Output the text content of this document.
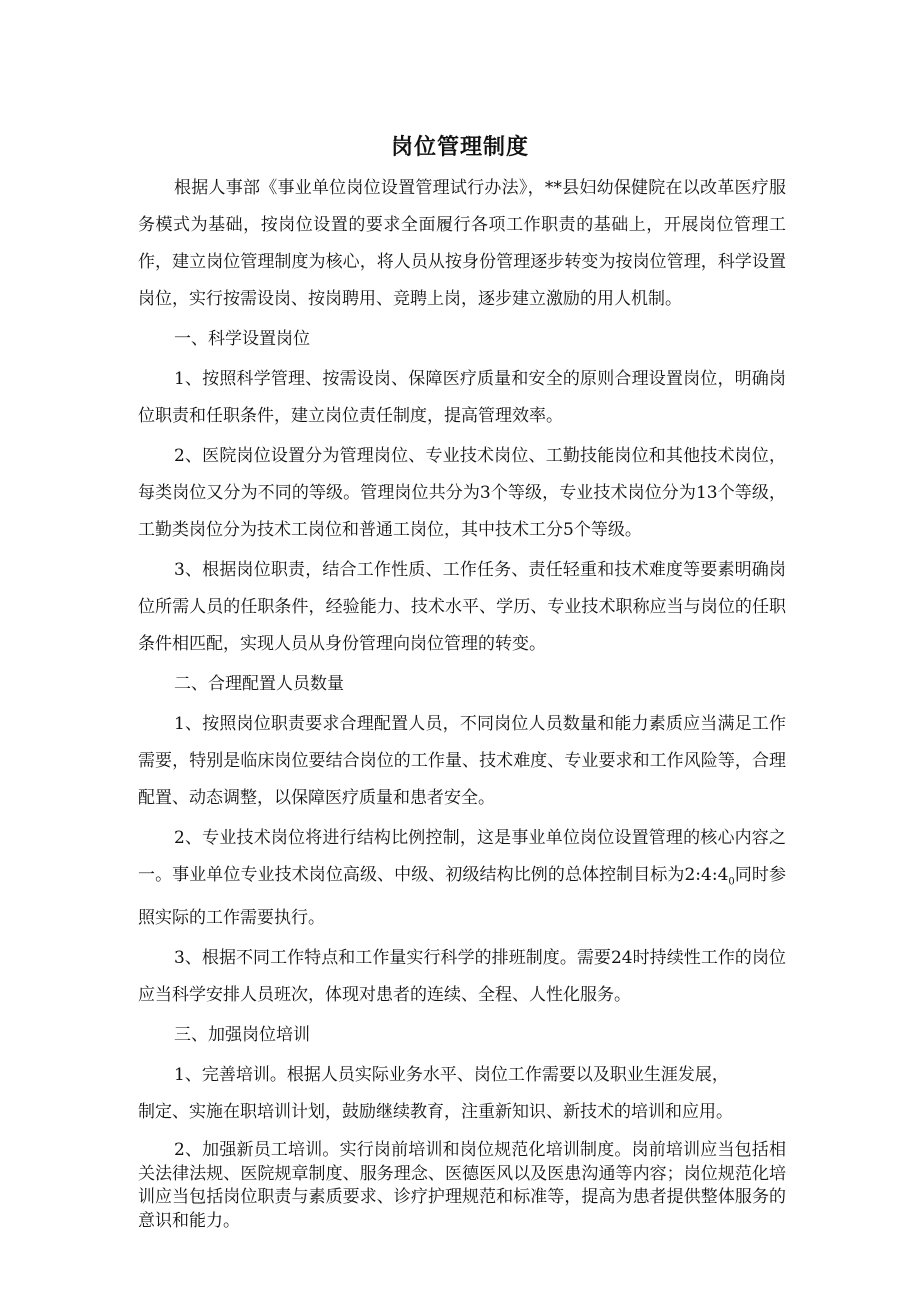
岗位管理制度

根据人事部《事业单位岗位设置管理试行办法》，**县妇幼保健院在以改革医疗服务模式为基础，按岗位设置的要求全面履行各项工作职责的基础上，开展岗位管理工作，建立岗位管理制度为核心，将人员从按身份管理逐步转变为按岗位管理，科学设置岗位，实行按需设岗、按岗聘用、竞聘上岗，逐步建立激励的用人机制。

一、科学设置岗位

1、按照科学管理、按需设岗、保障医疗质量和安全的原则合理设置岗位，明确岗位职责和任职条件，建立岗位责任制度，提高管理效率。

2、医院岗位设置分为管理岗位、专业技术岗位、工勤技能岗位和其他技术岗位，每类岗位又分为不同的等级。管理岗位共分为3个等级，专业技术岗位分为13个等级，工勤类岗位分为技术工岗位和普通工岗位，其中技术工分5个等级。

3、根据岗位职责，结合工作性质、工作任务、责任轻重和技术难度等要素明确岗位所需人员的任职条件，经验能力、技术水平、学历、专业技术职称应当与岗位的任职条件相匹配，实现人员从身份管理向岗位管理的转变。

二、合理配置人员数量

1、按照岗位职责要求合理配置人员，不同岗位人员数量和能力素质应当满足工作需要，特别是临床岗位要结合岗位的工作量、技术难度、专业要求和工作风险等，合理配置、动态调整，以保障医疗质量和患者安全。

2、专业技术岗位将进行结构比例控制，这是事业单位岗位设置管理的核心内容之一。事业单位专业技术岗位高级、中级、初级结构比例的总体控制目标为$2:4:4_0$同时参照实际的工作需要执行。

3、根据不同工作特点和工作量实行科学的排班制度。需要24时持续性工作的岗位应当科学安排人员班次，体现对患者的连续、全程、人性化服务。

三、加强岗位培训

1、完善培训。根据人员实际业务水平、岗位工作需要以及职业生涯发展，

制定、实施在职培训计划，鼓励继续教育，注重新知识、新技术的培训和应用。

2、加强新员工培训。实行岗前培训和岗位规范化培训制度。岗前培训应当包括相关法律法规、医院规章制度、服务理念、医德医风以及医患沟通等内容；岗位规范化培训应当包括岗位职责与素质要求、诊疗护理规范和标准等，提高为患者提供整体服务的意识和能力。
